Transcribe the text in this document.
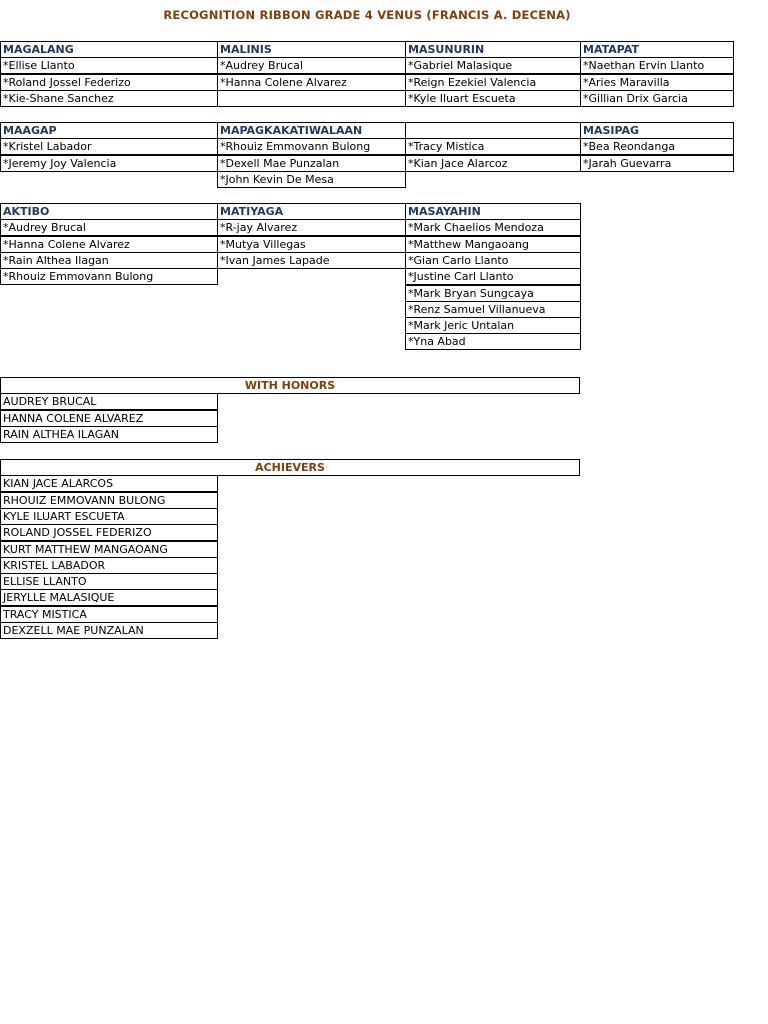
RECOGNITION RIBBON GRADE 4 VENUS (FRANCIS A. DECENA)
MAGALANG
*Ellise Llanto
*Roland Jossel Federizo
*Kie-Shane Sanchez
MALINIS
*Audrey Brucal
*Hanna Colene Alvarez
MASUNURIN
*Gabriel Malasique
*Reign Ezekiel Valencia
*Kyle Iluart Escueta
MATAPAT
*Naethan Ervin Llanto
*Aries Maravilla
*Gillian Drix Garcia
MAAGAP
*Kristel Labador
*Jeremy Joy Valencia
MAPAGKAKATIWALAAN
*Rhouiz Emmovann Bulong
*Dexell Mae Punzalan
*John Kevin De Mesa
*Tracy Mistica
*Kian Jace Alarcoz
MASIPAG
*Bea Reondanga
*Jarah Guevarra
AKTIBO
*Audrey Brucal
*Hanna Colene Alvarez
*Rain Althea Ilagan
*Rhouiz Emmovann Bulong
MATIYAGA
*R-jay Alvarez
*Mutya Villegas
*Ivan James Lapade
MASAYAHIN
*Mark Chaelios Mendoza
*Matthew Mangaoang
*Gian Carlo Llanto
*Justine Carl Llanto
*Mark Bryan Sungcaya
*Renz Samuel Villanueva
*Mark Jeric Untalan
*Yna Abad
WITH HONORS
AUDREY BRUCAL
HANNA COLENE ALVAREZ
RAIN ALTHEA ILAGAN
ACHIEVERS
KIAN JACE ALARCOS
RHOUIZ EMMOVANN BULONG
KYLE ILUART ESCUETA
ROLAND JOSSEL FEDERIZO
KURT MATTHEW MANGAOANG
KRISTEL LABADOR
ELLISE LLANTO
JERYLLE MALASIQUE
TRACY MISTICA
DEXZELL MAE PUNZALAN
